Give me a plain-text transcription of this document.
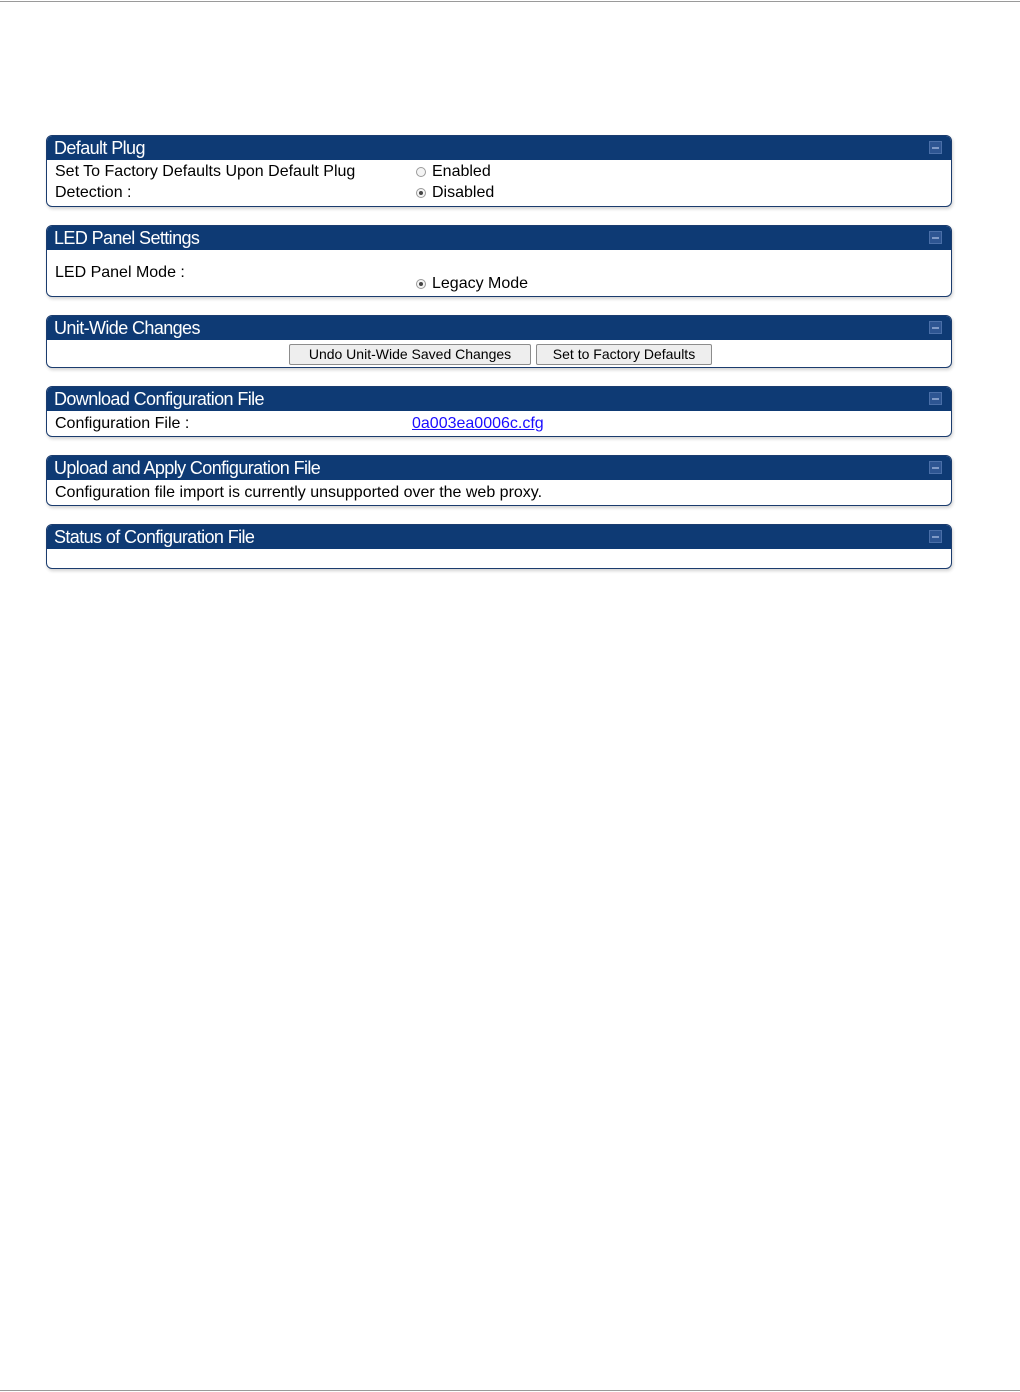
Default Plug
Set To Factory Defaults Upon Default Plug
Detection :
Enabled
Disabled
LED Panel Settings
LED Panel Mode :
Legacy Mode
Unit-Wide Changes
Undo Unit-Wide Saved Changes	Set to Factory Defaults
Download Configuration File
Configuration File :	0a003ea0006c.cfg
Upload and Apply Configuration File
Configuration file import is currently unsupported over the web proxy.
Status of Configuration File
